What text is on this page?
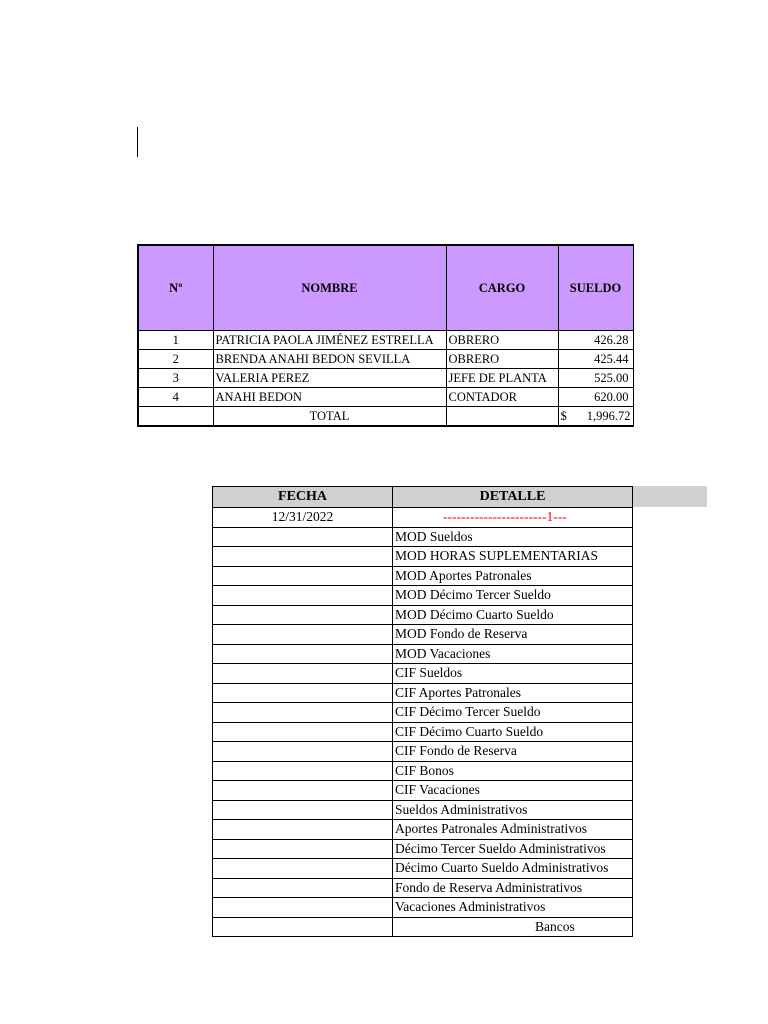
Nº	NOMBRE	CARGO	SUELDO
1	PATRICIA PAOLA JIMÉNEZ ESTRELLA	OBRERO	426.28
2	BRENDA ANAHI BEDON SEVILLA	OBRERO	425.44
3	VALERIA PEREZ	JEFE DE PLANTA	525.00
4	ANAHI BEDON	CONTADOR	620.00
	TOTAL		$ 1,996.72
FECHA	DETALLE
12/31/2022	-----------------------1---
	MOD Sueldos
	MOD HORAS SUPLEMENTARIAS
	MOD Aportes Patronales
	MOD Décimo Tercer Sueldo
	MOD Décimo Cuarto Sueldo
	MOD Fondo de Reserva
	MOD Vacaciones
	CIF Sueldos
	CIF Aportes Patronales
	CIF Décimo Tercer Sueldo
	CIF Décimo Cuarto Sueldo
	CIF Fondo de Reserva
	CIF Bonos
	CIF Vacaciones
	Sueldos Administrativos
	Aportes Patronales Administrativos
	Décimo Tercer Sueldo Administrativos
	Décimo Cuarto Sueldo Administrativos
	Fondo de Reserva Administrativos
	Vacaciones Administrativos
	Bancos
